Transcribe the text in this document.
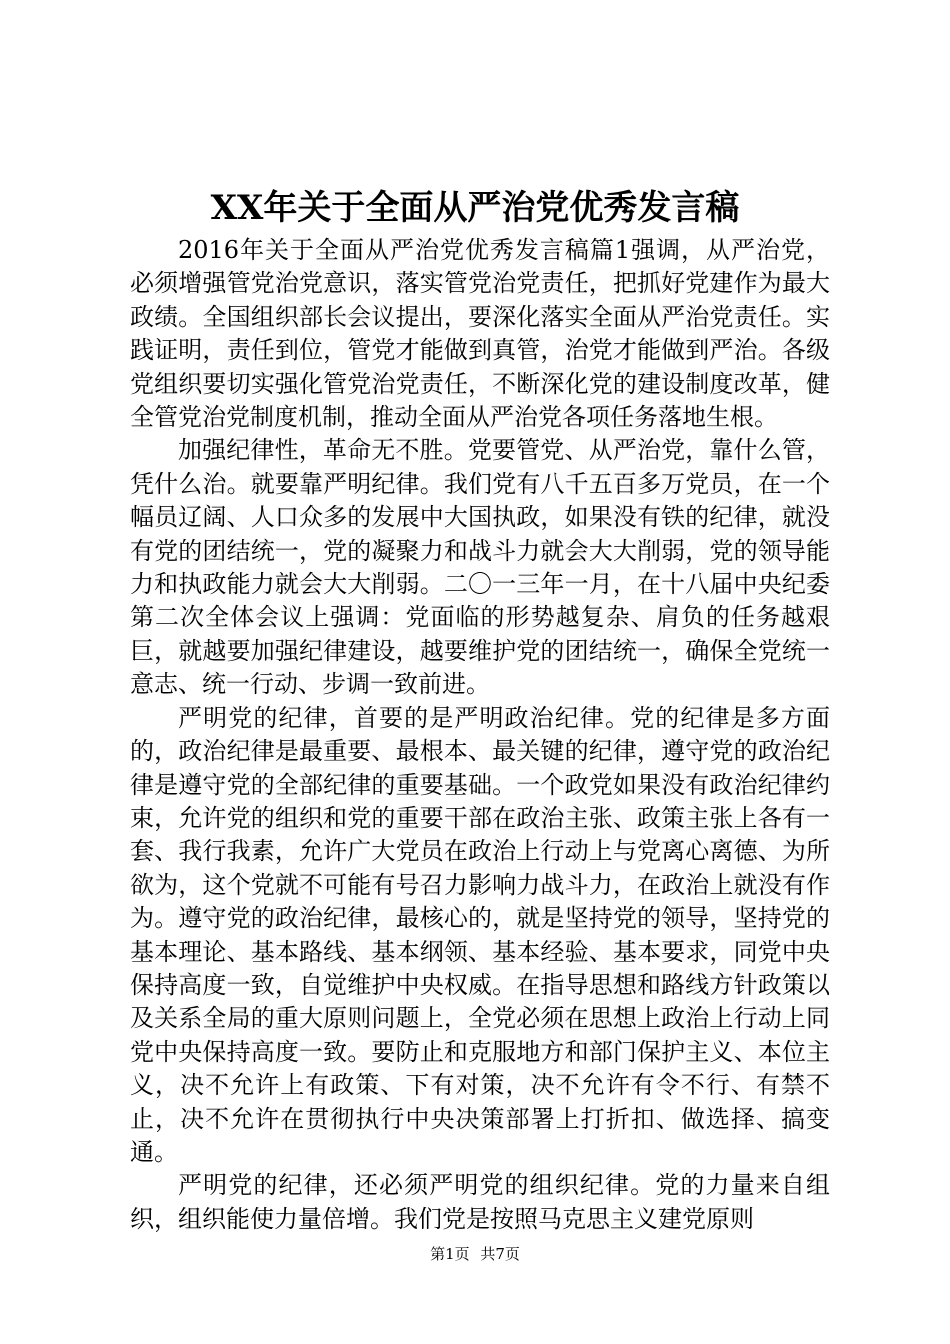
XX年关于全面从严治党优秀发言稿

2016年关于全面从严治党优秀发言稿篇1强调，从严治党，必须增强管党治党意识，落实管党治党责任，把抓好党建作为最大政绩。全国组织部长会议提出，要深化落实全面从严治党责任。实践证明，责任到位，管党才能做到真管，治党才能做到严治。各级党组织要切实强化管党治党责任，不断深化党的建设制度改革，健全管党治党制度机制，推动全面从严治党各项任务落地生根。

加强纪律性，革命无不胜。党要管党、从严治党，靠什么管，凭什么治。就要靠严明纪律。我们党有八千五百多万党员，在一个幅员辽阔、人口众多的发展中大国执政，如果没有铁的纪律，就没有党的团结统一，党的凝聚力和战斗力就会大大削弱，党的领导能力和执政能力就会大大削弱。二〇一三年一月，在十八届中央纪委第二次全体会议上强调：党面临的形势越复杂、肩负的任务越艰巨，就越要加强纪律建设，越要维护党的团结统一，确保全党统一意志、统一行动、步调一致前进。

严明党的纪律，首要的是严明政治纪律。党的纪律是多方面的，政治纪律是最重要、最根本、最关键的纪律，遵守党的政治纪律是遵守党的全部纪律的重要基础。一个政党如果没有政治纪律约束，允许党的组织和党的重要干部在政治主张、政策主张上各有一套、我行我素，允许广大党员在政治上行动上与党离心离德、为所欲为，这个党就不可能有号召力影响力战斗力，在政治上就没有作为。遵守党的政治纪律，最核心的，就是坚持党的领导，坚持党的基本理论、基本路线、基本纲领、基本经验、基本要求，同党中央保持高度一致，自觉维护中央权威。在指导思想和路线方针政策以及关系全局的重大原则问题上，全党必须在思想上政治上行动上同党中央保持高度一致。要防止和克服地方和部门保护主义、本位主义，决不允许上有政策、下有对策，决不允许有令不行、有禁不止，决不允许在贯彻执行中央决策部署上打折扣、做选择、搞变通。

严明党的纪律，还必须严明党的组织纪律。党的力量来自组织，组织能使力量倍增。我们党是按照马克思主义建党原则

第1页 共7页
